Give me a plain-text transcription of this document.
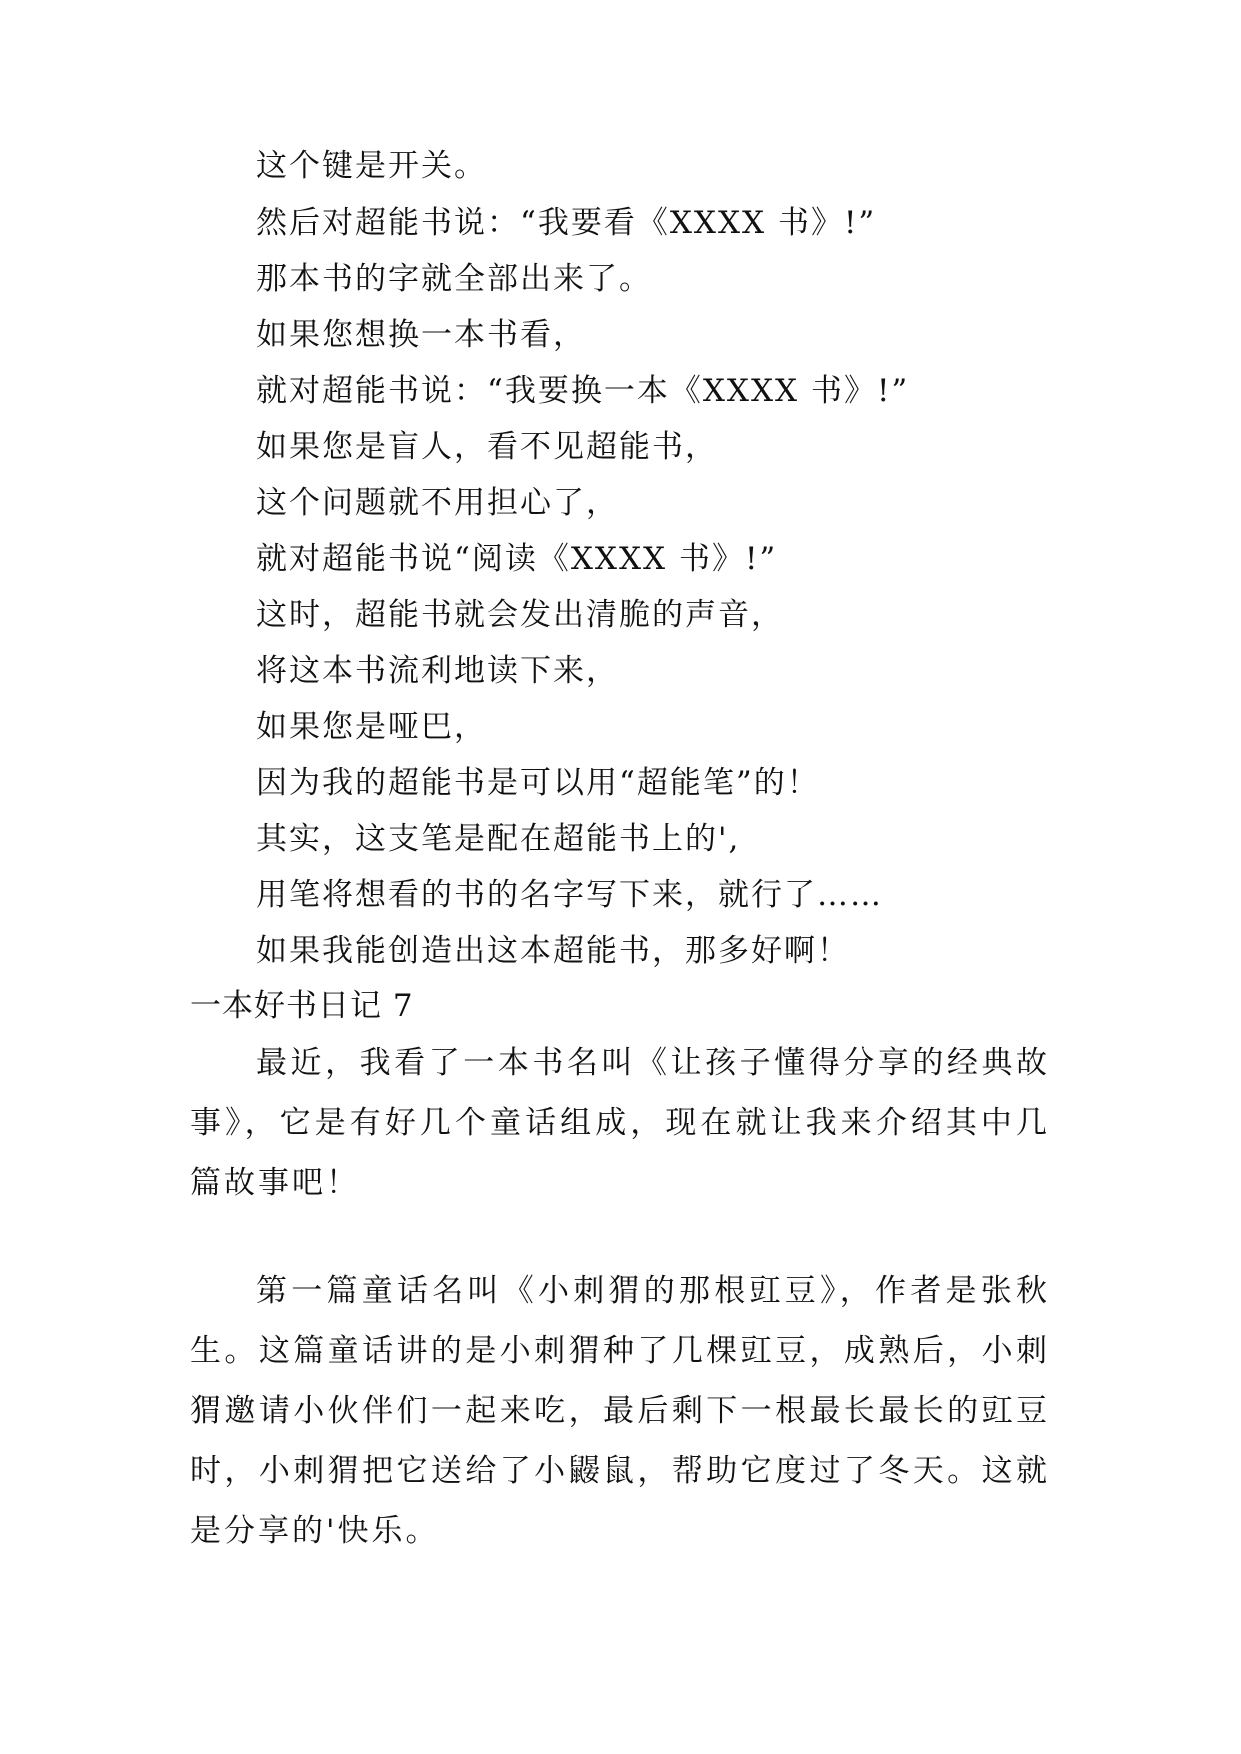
这个键是开关。
然后对超能书说：“我要看《XXXX 书》!”
那本书的字就全部出来了。
如果您想换一本书看，
就对超能书说：“我要换一本《XXXX 书》!”
如果您是盲人，看不见超能书，
这个问题就不用担心了，
就对超能书说“阅读《XXXX 书》!”
这时，超能书就会发出清脆的声音，
将这本书流利地读下来，
如果您是哑巴，
因为我的超能书是可以用“超能笔”的！
其实，这支笔是配在超能书上的',
用笔将想看的书的名字写下来，就行了……
如果我能创造出这本超能书，那多好啊！
一本好书日记 7
最近，我看了一本书名叫《让孩子懂得分享的经典故事》，它是有好几个童话组成，现在就让我来介绍其中几篇故事吧！
第一篇童话名叫《小刺猬的那根豇豆》，作者是张秋生。这篇童话讲的是小刺猬种了几棵豇豆，成熟后，小刺猬邀请小伙伴们一起来吃，最后剩下一根最长最长的豇豆时，小刺猬把它送给了小鼹鼠，帮助它度过了冬天。这就是分享的'快乐。
